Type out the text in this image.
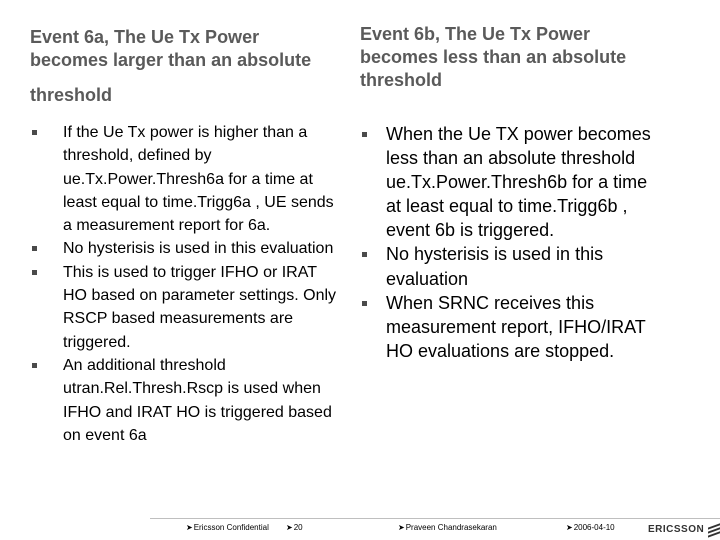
Event 6a, The Ue Tx Power
becomes larger than an absolute
threshold
If the Ue Tx power is higher than a threshold, defined by ue.Tx.Power.Thresh6a for a time at least equal to time.Trigg6a , UE sends a measurement report for 6a.
No hysterisis is used in this evaluation
This is used to trigger IFHO or IRAT HO based on parameter settings. Only RSCP based measurements are triggered.
An additional threshold utran.Rel.Thresh.Rscp is used when IFHO and IRAT HO is triggered based on event 6a
Event 6b, The Ue Tx Power
becomes less than an absolute
threshold
When the Ue TX power becomes less than an absolute threshold ue.Tx.Power.Thresh6b for a time at least equal to time.Trigg6b , event 6b is triggered.
No hysterisis is used in this evaluation
When SRNC receives this measurement report, IFHO/IRAT HO evaluations are stopped.
➤Ericsson Confidential ➤20	➤Praveen Chandrasekaran	➤2006-04-10	ERICSSON
